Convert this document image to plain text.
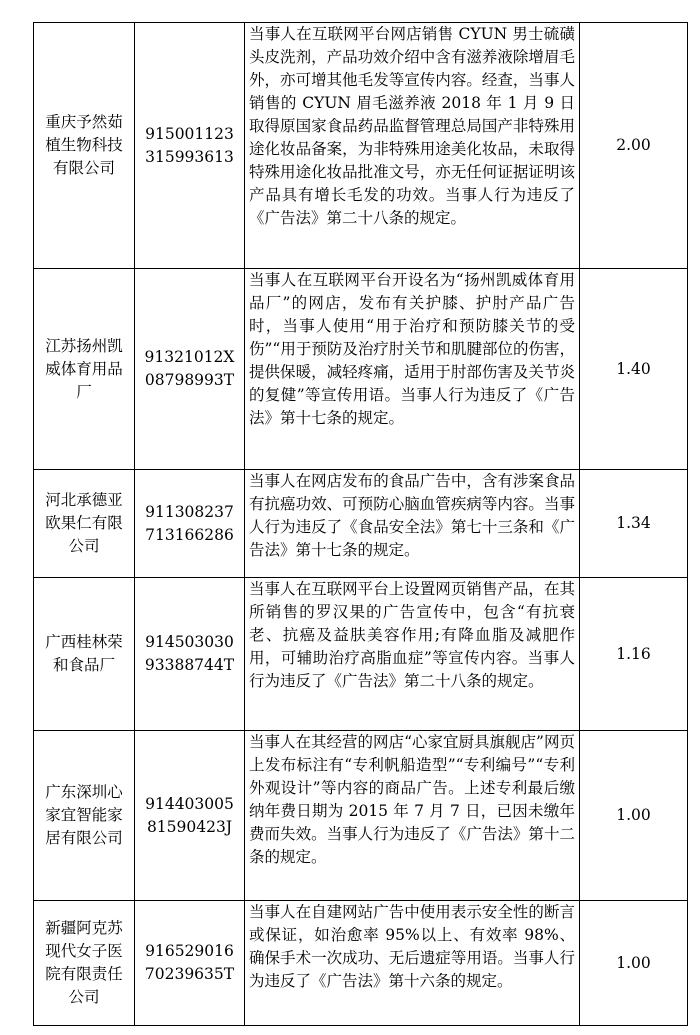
重庆予然茹植生物科技有限公司	915001123315993613	当事人在互联网平台网店销售 CYUN 男士硫磺头皮洗剂，产品功效介绍中含有滋养液除增眉毛外，亦可增其他毛发等宣传内容。经查，当事人销售的 CYUN 眉毛滋养液 2018 年 1 月 9 日取得原国家食品药品监督管理总局国产非特殊用途化妆品备案，为非特殊用途美化妆品，未取得特殊用途化妆品批准文号，亦无任何证据证明该产品具有增长毛发的功效。当事人行为违反了《广告法》第二十八条的规定。	2.00
江苏扬州凯威体育用品厂	91321012X08798993T	当事人在互联网平台开设名为“扬州凯威体育用品厂”的网店，发布有关护膝、护肘产品广告时，当事人使用“用于治疗和预防膝关节的受伤”“用于预防及治疗肘关节和肌腱部位的伤害，提供保暖，减轻疼痛，适用于肘部伤害及关节炎的复健”等宣传用语。当事人行为违反了《广告法》第十七条的规定。	1.40
河北承德亚欧果仁有限公司	911308237713166286	当事人在网店发布的食品广告中，含有涉案食品有抗癌功效、可预防心脑血管疾病等内容。当事人行为违反了《食品安全法》第七十三条和《广告法》第十七条的规定。	1.34
广西桂林荣和食品厂	91450303093388744T	当事人在互联网平台上设置网页销售产品，在其所销售的罗汉果的广告宣传中，包含“有抗衰老、抗癌及益肤美容作用;有降血脂及减肥作用，可辅助治疗高脂血症”等宣传内容。当事人行为违反了《广告法》第二十八条的规定。	1.16
广东深圳心家宜智能家居有限公司	91440300581590423J	当事人在其经营的网店“心家宜厨具旗舰店”网页上发布标注有“专利帆船造型”“专利编号”“专利外观设计”等内容的商品广告。上述专利最后缴纳年费日期为 2015 年 7 月 7 日，已因未缴年费而失效。当事人行为违反了《广告法》第十二条的规定。	1.00
新疆阿克苏现代女子医院有限责任公司	91652901670239635T	当事人在自建网站广告中使用表示安全性的断言或保证，如治愈率 95%以上、有效率 98%、确保手术一次成功、无后遗症等用语。当事人行为违反了《广告法》第十六条的规定。	1.00
